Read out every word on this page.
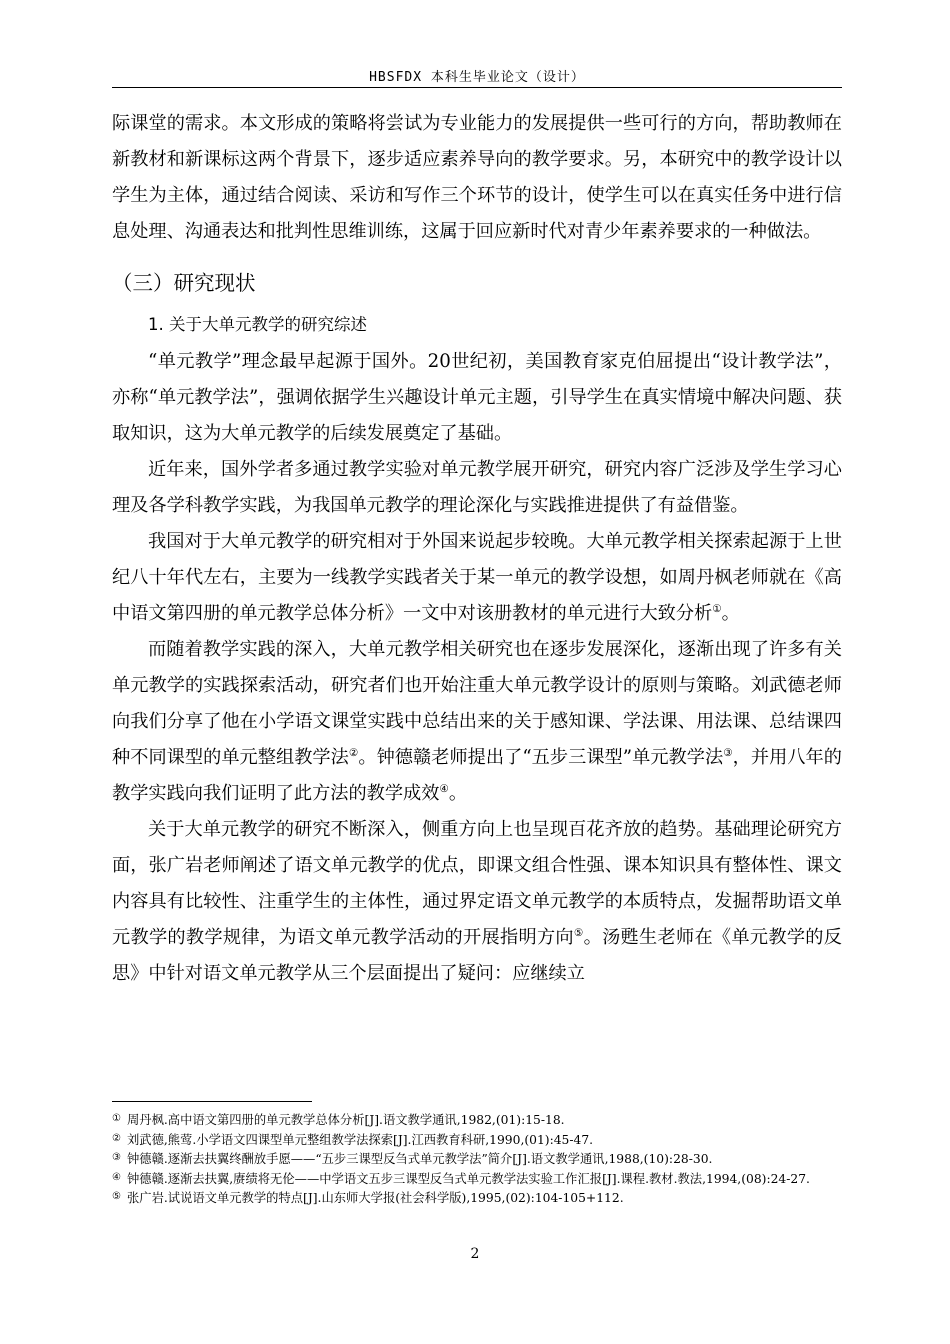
HBSFDX 本科生毕业论文（设计）

际课堂的需求。本文形成的策略将尝试为专业能力的发展提供一些可行的方向，帮助教师在新教材和新课标这两个背景下，逐步适应素养导向的教学要求。另，本研究中的教学设计以学生为主体，通过结合阅读、采访和写作三个环节的设计，使学生可以在真实任务中进行信息处理、沟通表达和批判性思维训练，这属于回应新时代对青少年素养要求的一种做法。

（三）研究现状
1. 关于大单元教学的研究综述

“单元教学”理念最早起源于国外。20世纪初，美国教育家克伯屈提出“设计教学法”，亦称“单元教学法”，强调依据学生兴趣设计单元主题，引导学生在真实情境中解决问题、获取知识，这为大单元教学的后续发展奠定了基础。

近年来，国外学者多通过教学实验对单元教学展开研究，研究内容广泛涉及学生学习心理及各学科教学实践，为我国单元教学的理论深化与实践推进提供了有益借鉴。

我国对于大单元教学的研究相对于外国来说起步较晚。大单元教学相关探索起源于上世纪八十年代左右，主要为一线教学实践者关于某一单元的教学设想，如周丹枫老师就在《高中语文第四册的单元教学总体分析》一文中对该册教材的单元进行大致分析①。

而随着教学实践的深入，大单元教学相关研究也在逐步发展深化，逐渐出现了许多有关单元教学的实践探索活动，研究者们也开始注重大单元教学设计的原则与策略。刘武德老师向我们分享了他在小学语文课堂实践中总结出来的关于感知课、学法课、用法课、总结课四种不同课型的单元整组教学法②。钟德赣老师提出了“五步三课型”单元教学法③，并用八年的教学实践向我们证明了此方法的教学成效④。

关于大单元教学的研究不断深入，侧重方向上也呈现百花齐放的趋势。基础理论研究方面，张广岩老师阐述了语文单元教学的优点，即课文组合性强、课本知识具有整体性、课文内容具有比较性、注重学生的主体性，通过界定语文单元教学的本质特点，发掘帮助语文单元教学的教学规律，为语文单元教学活动的开展指明方向⑤。汤甦生老师在《单元教学的反思》中针对语文单元教学从三个层面提出了疑问：应继续立

① 周丹枫.高中语文第四册的单元教学总体分析[J].语文教学通讯,1982,(01):15-18.

② 刘武德,熊莺.小学语文四课型单元整组教学法探索[J].江西教育科研,1990,(01):45-47.

③ 钟德赣.逐渐去扶翼终酬放手愿——“五步三课型反刍式单元教学法”简介[J].语文教学通讯,1988,(10):28-30.

④ 钟德赣.逐渐去扶翼,赓绩将无伦——中学语文五步三课型反刍式单元教学法实验工作汇报[J].课程.教材.教法,1994,(08):24-27.

⑤ 张广岩.试说语文单元教学的特点[J].山东师大学报(社会科学版),1995,(02):104-105+112.

2
